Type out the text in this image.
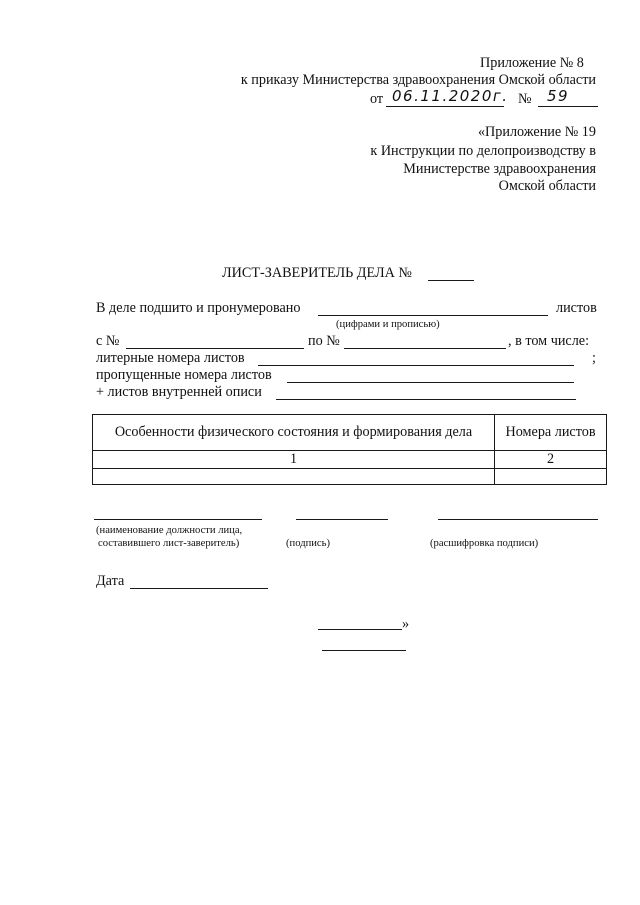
Приложение № 8
к приказу Министерства здравоохранения Омской области
от 06.11.2020г. № 59
«Приложение № 19
к Инструкции по делопроизводству в
Министерстве здравоохранения
Омской области
ЛИСТ-ЗАВЕРИТЕЛЬ ДЕЛА №
В деле подшито и пронумеровано	листов
(цифрами и прописью)
с №	по №	, в том числе:
литерные номера листов	;
пропущенные номера листов
+ листов внутренней описи
Особенности физического состояния и формирования дела	Номера листов
1	2

(наименование должности лица,
составившего лист-заверитель)	(подпись)	(расшифровка подписи)
Дата
»
